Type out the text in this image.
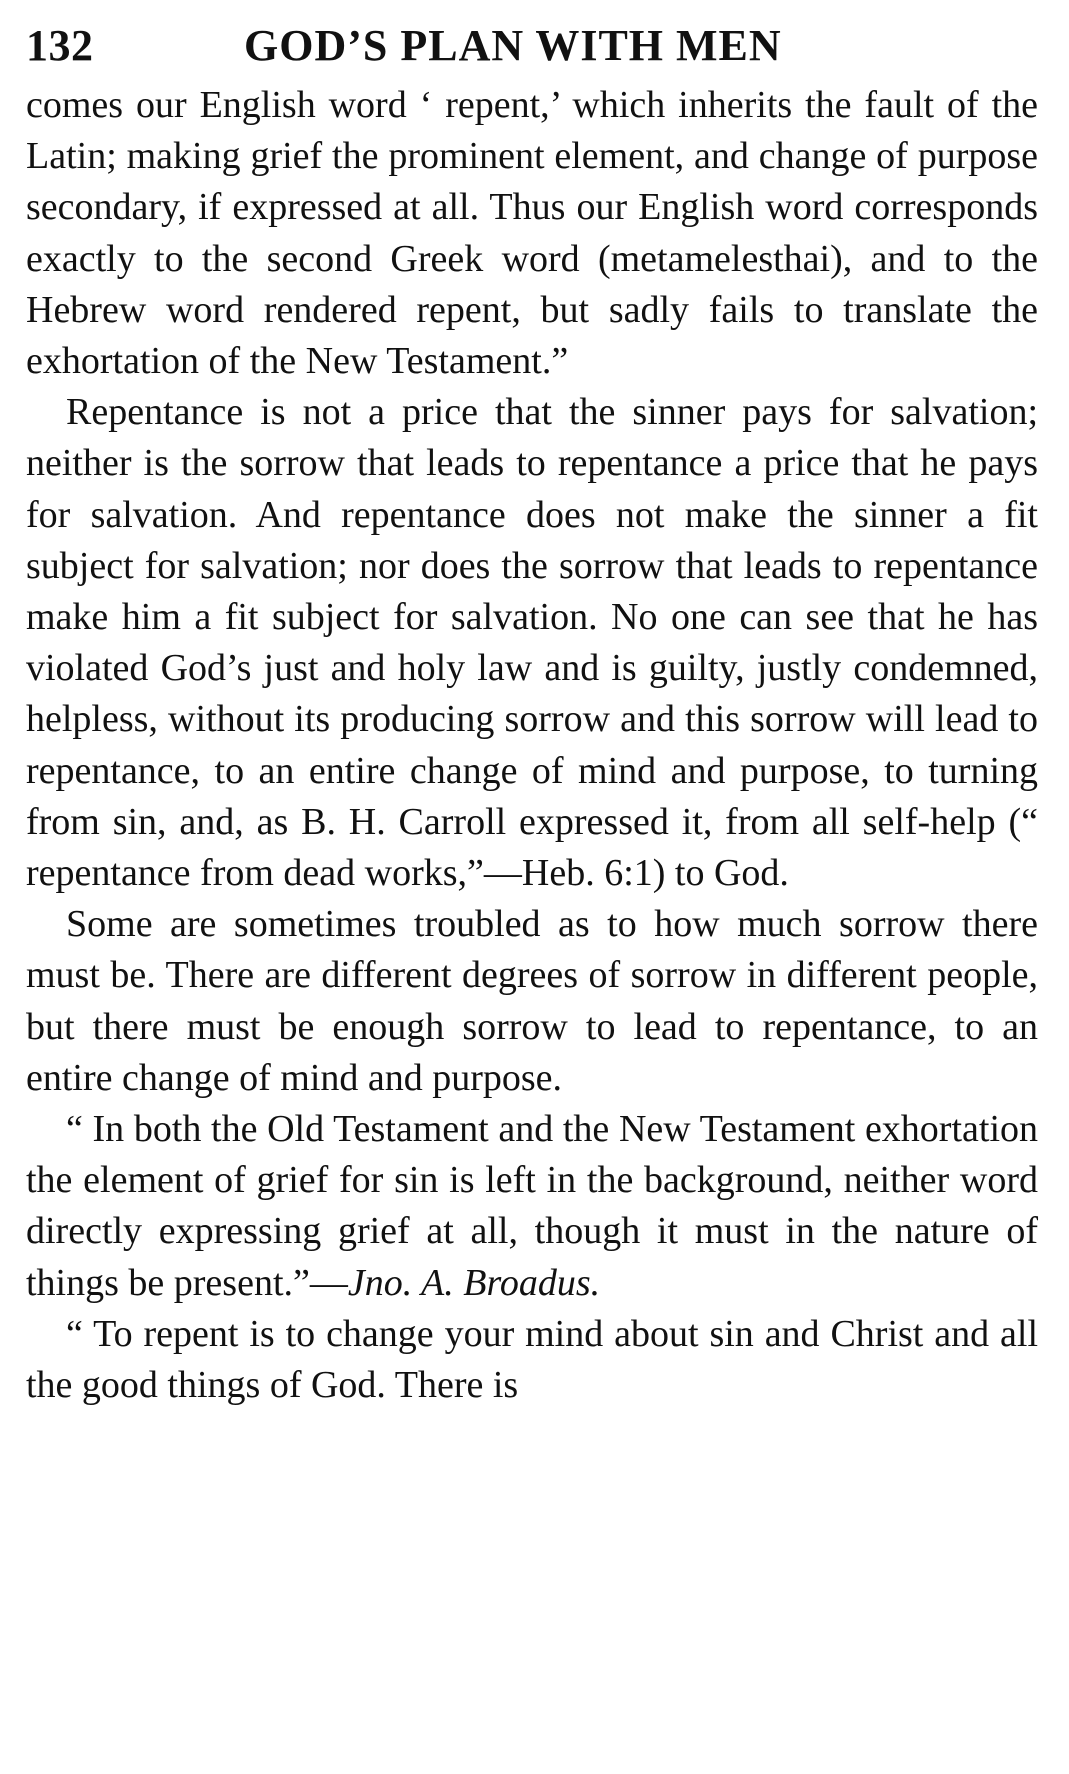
132	GOD’S PLAN WITH MEN

comes our English word ‘ repent,’ which inherits the fault of the Latin; making grief the prominent element, and change of purpose secondary, if expressed at all. Thus our English word corresponds exactly to the second Greek word (metamelesthai), and to the Hebrew word rendered repent, but sadly fails to translate the exhortation of the New Testament.”

Repentance is not a price that the sinner pays for salvation; neither is the sorrow that leads to repentance a price that he pays for salvation. And repentance does not make the sinner a fit subject for salvation; nor does the sorrow that leads to repentance make him a fit subject for salvation. No one can see that he has violated God’s just and holy law and is guilty, justly condemned, helpless, without its producing sorrow and this sorrow will lead to repentance, to an entire change of mind and purpose, to turning from sin, and, as B. H. Carroll expressed it, from all self-help (“ repentance from dead works,”—Heb. 6:1) to God.

Some are sometimes troubled as to how much sorrow there must be. There are different degrees of sorrow in different people, but there must be enough sorrow to lead to repentance, to an entire change of mind and purpose.

“ In both the Old Testament and the New Testament exhortation the element of grief for sin is left in the background, neither word directly expressing grief at all, though it must in the nature of things be present.”—Jno. A. Broadus.

“ To repent is to change your mind about sin and Christ and all the good things of God. There is
